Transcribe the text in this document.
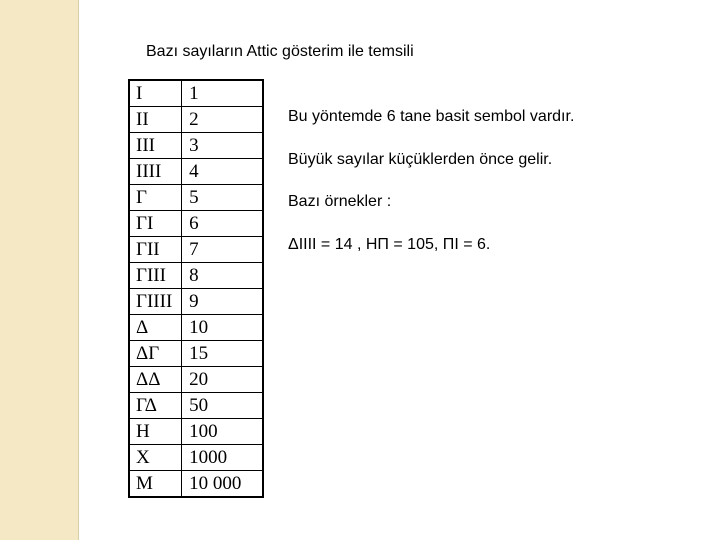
Bazı sayıların Attic gösterim ile temsili
I	1
II	2
III	3
IIII	4
Γ	5
ΓI	6
ΓII	7
ΓIII	8
ΓIIII	9
Δ	10
ΔΓ	15
ΔΔ	20
ΓΔ	50
H	100
X	1000
M	10 000

Bu yöntemde 6 tane basit sembol vardır.

Büyük sayılar küçüklerden önce gelir.

Bazı örnekler :

ΔIIII = 14 , HΠ = 105, ΠI = 6.
